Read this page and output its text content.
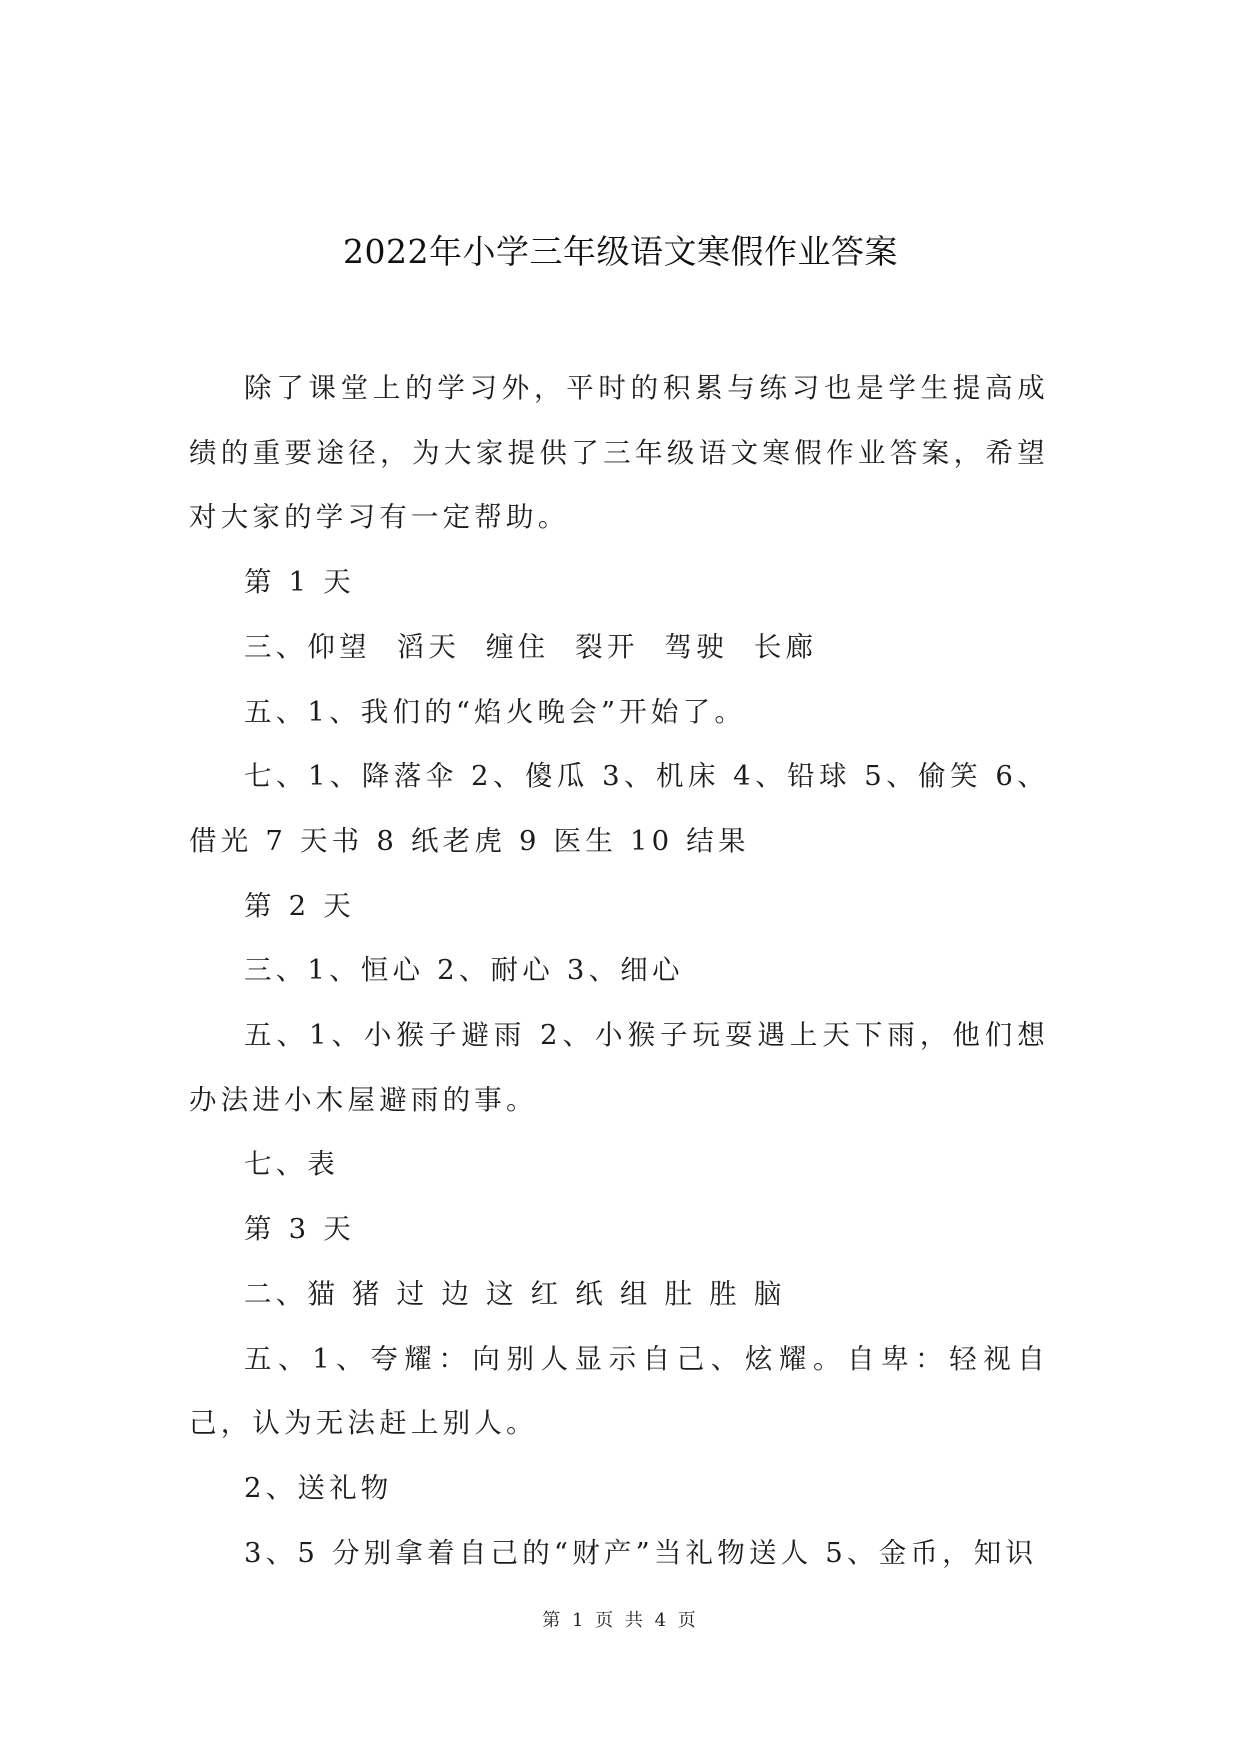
2022年小学三年级语文寒假作业答案

除了课堂上的学习外，平时的积累与练习也是学生提高成绩的重要途径，为大家提供了三年级语文寒假作业答案，希望对大家的学习有一定帮助。

第 1 天

三、仰望  滔天  缠住  裂开  驾驶  长廊

五、1、我们的“焰火晚会”开始了。

七、1、降落伞 2、傻瓜 3、机床 4、铅球 5、偷笑 6、借光 7 天书 8 纸老虎 9 医生 10 结果

第 2 天

三、1、恒心 2、耐心 3、细心

五、1、小猴子避雨 2、小猴子玩耍遇上天下雨，他们想办法进小木屋避雨的事。

七、表

第 3 天

二、猫 猪 过 边 这 红 纸 组 肚 胜 脑

五、1、夸耀：向别人显示自己、炫耀。自卑：轻视自己，认为无法赶上别人。

2、送礼物

3、5 分别拿着自己的“财产”当礼物送人 5、金币，知识

第 1 页 共 4 页
